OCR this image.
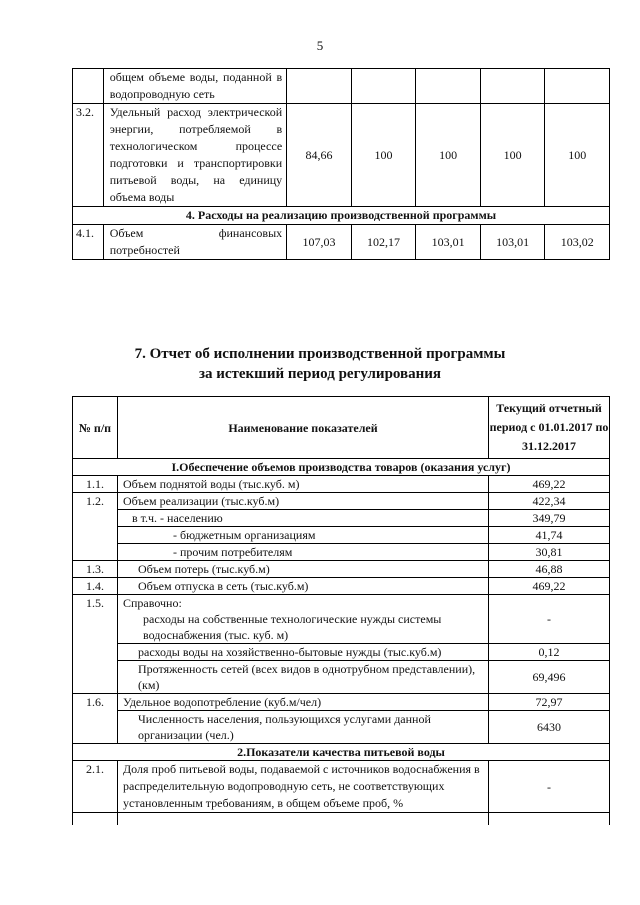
5
	общем объеме воды, поданной в водопроводную сеть					
3.2.	Удельный расход электрической энергии, потребляемой в технологическом процессе подготовки и транспортировки питьевой воды, на единицу объема воды	84,66	100	100	100	100
4. Расходы на реализацию производственной программы						
4.1.	Объем финансовых потребностей	107,03	102,17	103,01	103,01	103,02
7. Отчет об исполнении производственной программы
за истекший период регулирования
№ п/п	Наименование показателей	Текущий отчетный период с 01.01.2017 по 31.12.2017
I.Обеспечение объемов производства товаров (оказания услуг)		
1.1.	Объем поднятой воды (тыс.куб. м)	469,22
1.2.	Объем реализации (тыс.куб.м)	422,34
	в т.ч. - населению	349,79
	- бюджетным организациям	41,74
	- прочим потребителям	30,81
1.3.	Объем потерь (тыс.куб.м)	46,88
1.4.	Объем отпуска в сеть (тыс.куб.м)	469,22
1.5.	Справочно:
расходы на собственные технологические нужды системы водоснабжения (тыс. куб. м)	-
	расходы воды на хозяйственно-бытовые нужды (тыс.куб.м)	0,12
	Протяженность сетей (всех видов в однотрубном представлении), (км)	69,496
1.6.	Удельное водопотребление (куб.м/чел)	72,97
	Численность населения, пользующихся услугами данной организации (чел.)	6430
2.Показатели качества питьевой воды		
2.1.	Доля проб питьевой воды, подаваемой с источников водоснабжения в распределительную водопроводную сеть, не соответствующих установленным требованиям, в общем объеме проб, %	-
